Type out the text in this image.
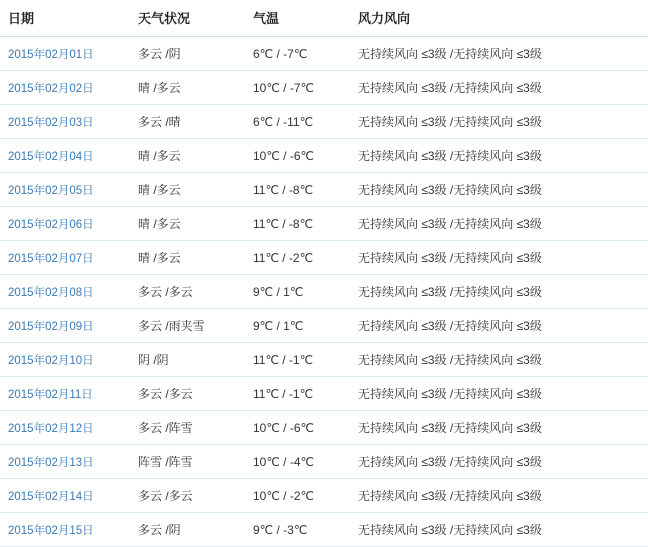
日期	天气状况	气温	风力风向
2015年02月01日	多云 /阴	6℃ / -7℃	无持续风向 ≤3级 /无持续风向 ≤3级
2015年02月02日	晴 /多云	10℃ / -7℃	无持续风向 ≤3级 /无持续风向 ≤3级
2015年02月03日	多云 /晴	6℃ / -11℃	无持续风向 ≤3级 /无持续风向 ≤3级
2015年02月04日	晴 /多云	10℃ / -6℃	无持续风向 ≤3级 /无持续风向 ≤3级
2015年02月05日	晴 /多云	11℃ / -8℃	无持续风向 ≤3级 /无持续风向 ≤3级
2015年02月06日	晴 /多云	11℃ / -8℃	无持续风向 ≤3级 /无持续风向 ≤3级
2015年02月07日	晴 /多云	11℃ / -2℃	无持续风向 ≤3级 /无持续风向 ≤3级
2015年02月08日	多云 /多云	9℃ / 1℃	无持续风向 ≤3级 /无持续风向 ≤3级
2015年02月09日	多云 /雨夹雪	9℃ / 1℃	无持续风向 ≤3级 /无持续风向 ≤3级
2015年02月10日	阴 /阴	11℃ / -1℃	无持续风向 ≤3级 /无持续风向 ≤3级
2015年02月11日	多云 /多云	11℃ / -1℃	无持续风向 ≤3级 /无持续风向 ≤3级
2015年02月12日	多云 /阵雪	10℃ / -6℃	无持续风向 ≤3级 /无持续风向 ≤3级
2015年02月13日	阵雪 /阵雪	10℃ / -4℃	无持续风向 ≤3级 /无持续风向 ≤3级
2015年02月14日	多云 /多云	10℃ / -2℃	无持续风向 ≤3级 /无持续风向 ≤3级
2015年02月15日	多云 /阴	9℃ / -3℃	无持续风向 ≤3级 /无持续风向 ≤3级
